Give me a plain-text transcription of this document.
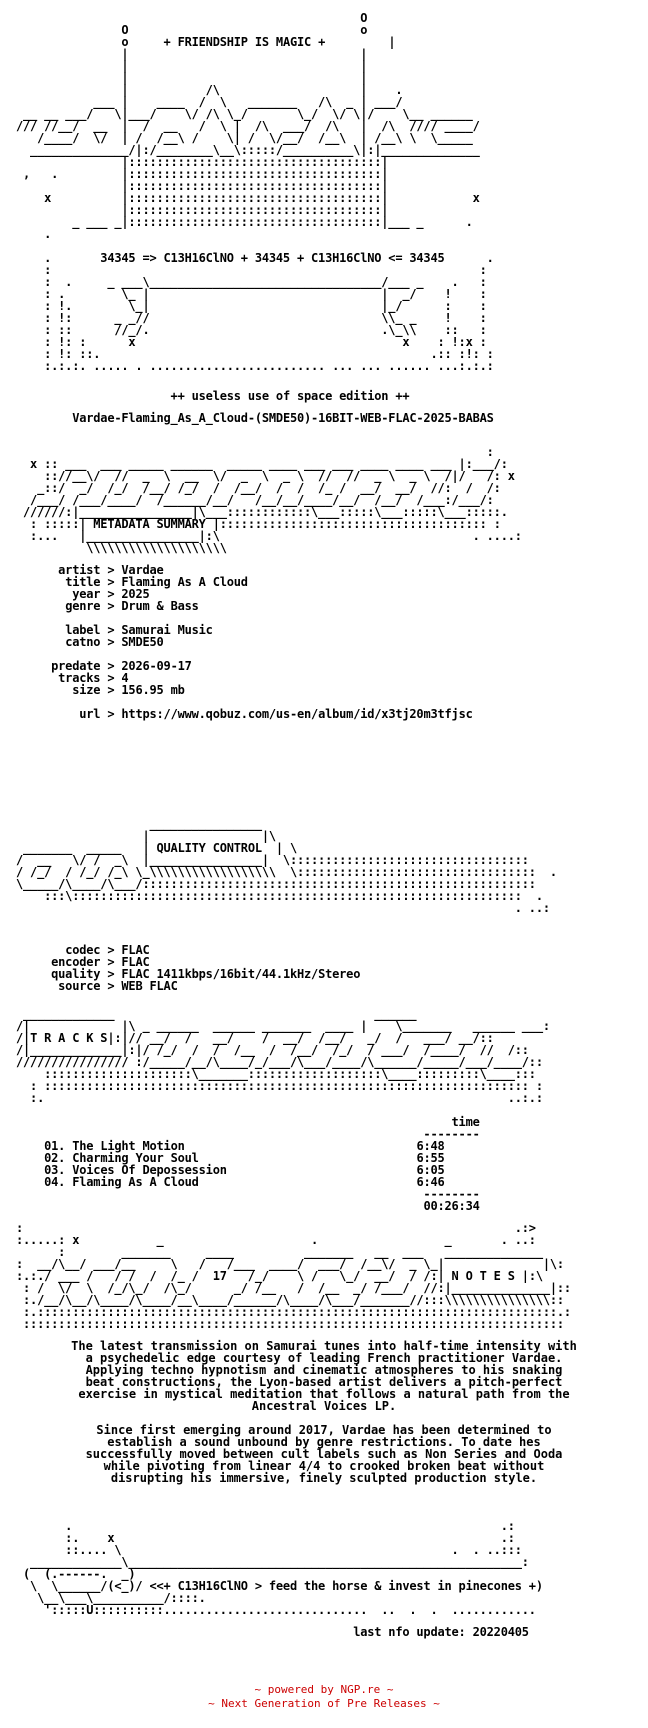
O
O                                 o
o	+ FRIENDSHIP IS MAGIC +	|
|                                 |
|                                 |
|                                 |
|           /\                    |    .
___ |    ____  /  \   _______   /\  _ | ___/
__ __ ___/   \|___/    \/ /\ \_/       \_/  \/ \|/    \__ ______
/// //__/  __  |  /  __   /  \ |  /\  ___/  /\   |  /\  //// ____/
/____/  \/  | /  /__\ /    \| /  \/__/  /__\  | /__\ \  \_____
______________/|:/________\__\:::::/__________\|:|______________
|::::::::::::::::::::::::::::::::::::|
,   .         |::::::::::::::::::::::::::::::::::::|
|::::::::::::::::::::::::::::::::::::|
x          |::::::::::::::::::::::::::::::::::::|            x
|::::::::::::::::::::::::::::::::::::|
_ ___ _|::::::::::::::::::::::::::::::::::::|___ _      .
.
.       34345 => C13H16ClNO + 34345 + C13H16ClNO <= 34345      .
:                                                             :
:  .     _ ___\_________________________________/___ _    .   :
: .        \_ |                                 |  _/    !    :
: !.        \_|                                 |_/      :    :
: !:      _ _//                                 \\_ _    !    :
: ::      //_/.                                 .\_\\    ::   :
: !: :      x                                      x    : !:x :
: !: ::.                                               .:: :!: :
:.:.:. ..... . ......................... ... ... ...... ...:.:.:
++ useless use of space edition ++
Vardae-Flaming_As_A_Cloud-(SMDE50)-16BIT-WEB-FLAC-2025-BABAS
:
x :: ___  ___ _____ ______  _____ ____ ___ ___ ____ ____ ___ |:___/:
:://__\/  //  _  \  __  \/  _  \  _ \  //  //  _ \  _ \  /|/   /: x
_::/  _/  /_/  /__/ /_/  /  /__/  /  /  /_ /  __/  __/  //:  /  /:
/___/ /___/____/  /______/__/   /__/__/____/__/  /__/  /___:/___/:
//////:|________________|\___::::::::::::\___:::::\___:::::\___:::::.
: :::::| METADATA SUMMARY |:::::::::::::::::::::::::::::::::::::: :
:...   |________________|:\                                    . ....:
\\\\\\\\\\\\\\\\\\\\
artist > Vardae
title > Flaming As A Cloud
year > 2025
genre > Drum & Bass

label > Samurai Music
catno > SMDE50

predate > 2026-09-17
tracks > 4
size > 156.95 mb

url > https://www.qobuz.com/us-en/album/id/x3tj20m3tfjsc
________________
|                |\
_______  _____   | QUALITY CONTROL  | \
/  __   \/ /  _\  |________________|  \::::::::::::::::::::::::::::::::::
/ /_/  / /_/ /_\ \_\\\\\\\\\\\\\\\\\\  \::::::::::::::::::::::::::::::::::  .
\_____/\____/\___/::::::::::::::::::::::::::::::::::::::::::::::::::::::::
:::\::::::::::::::::::::::::::::::::::::::::::::::::::::::::::::::::  .
. ..:
codec > FLAC
encoder > FLAC
quality > FLAC 1411kbps/16bit/44.1kHz/Stereo
source > WEB FLAC
_____________                                     ______
/|             |\ _ ______  ______ _______  ____ |    \_______   ______ ___:
/|T R A C K S|:|// __/  /   __/    /  __/  /__/   _/  /   ___/ __/::
/|_____________|:|/ /_/  /  /  /__  /  /__/  /_/  / ___/  /____/  //  /::
//////////////// :/_____/__/\____/_/___/\___/____/\______/_____/___/____/::
:::::::::::::::::::::\_______:::::::::::::::::::\____:::::::::\____:::
: ::::::::::::::::::::::::::::::::::::::::::::::::::::::::::::::::::::: :
:.                                                                  ..:.:
time
--------
01. The Light Motion	6:48
02. Charming Your Soul	6:55
03. Voices Of Depossession	6:05
04. Flaming As A Cloud	6:46
--------
00:26:34
:                                                                      .:>
:.....: x           _                     .                  _       . ..:
:        _______     ____          _______   __  ___   ______________
:  __/\__/ ___/__     \   /   /___  ____/  ___/  /__\/  _ \_|              |\:
:.:./ ___ /   / /  /  /_ /  17   /_/    \ /   \_/  __/  / /:| N O T E S |:\
: /  \/  \  /_/\_/  /\_/      _/ /__   /  /__  _/ /___/  //:|______________|::
:./__/\__/\____/\____/__\____/______/\____/\___/_______//:::\\\\\\\\\\\\\\\::
:.::::::::::::::::::::::::::::::::::::::::::::::::::::::::::::::::::::::::::.:
:::::::::::::::::::::::::::::::::::::::::::::::::::::::::::::::::::::::::::::
The latest transmission on Samurai tunes into half-time intensity with
a psychedelic edge courtesy of leading French practitioner Vardae.
Applying techno hypnotism and cinematic atmospheres to his snaking
beat constructions, the Lyon-based artist delivers a pitch-perfect
exercise in mystical meditation that follows a natural path from the
Ancestral Voices LP.
Since first emerging around 2017, Vardae has been determined to
establish a sound unbound by genre restrictions. To date hes
successfully moved between cult labels such as Non Series and Ooda
while pivoting from linear 4/4 to crooked broken beat without
disrupting his immersive, finely sculpted production style.
.                                                             .:
:.    x                                                       .:
::.... \                                               .  . ..:::
_____________\________________________________________________________:
(  (.------.  _)
\  \______/(<_)/ <<+ C13H16ClNO > feed the horse & invest in pinecones +)
\__\___\__________/::::.
':::::U::::::::::.............................  ..  .  .  ............
last nfo update: 20220405
~ powered by NGP.re ~
~ Next Generation of Pre Releases ~
